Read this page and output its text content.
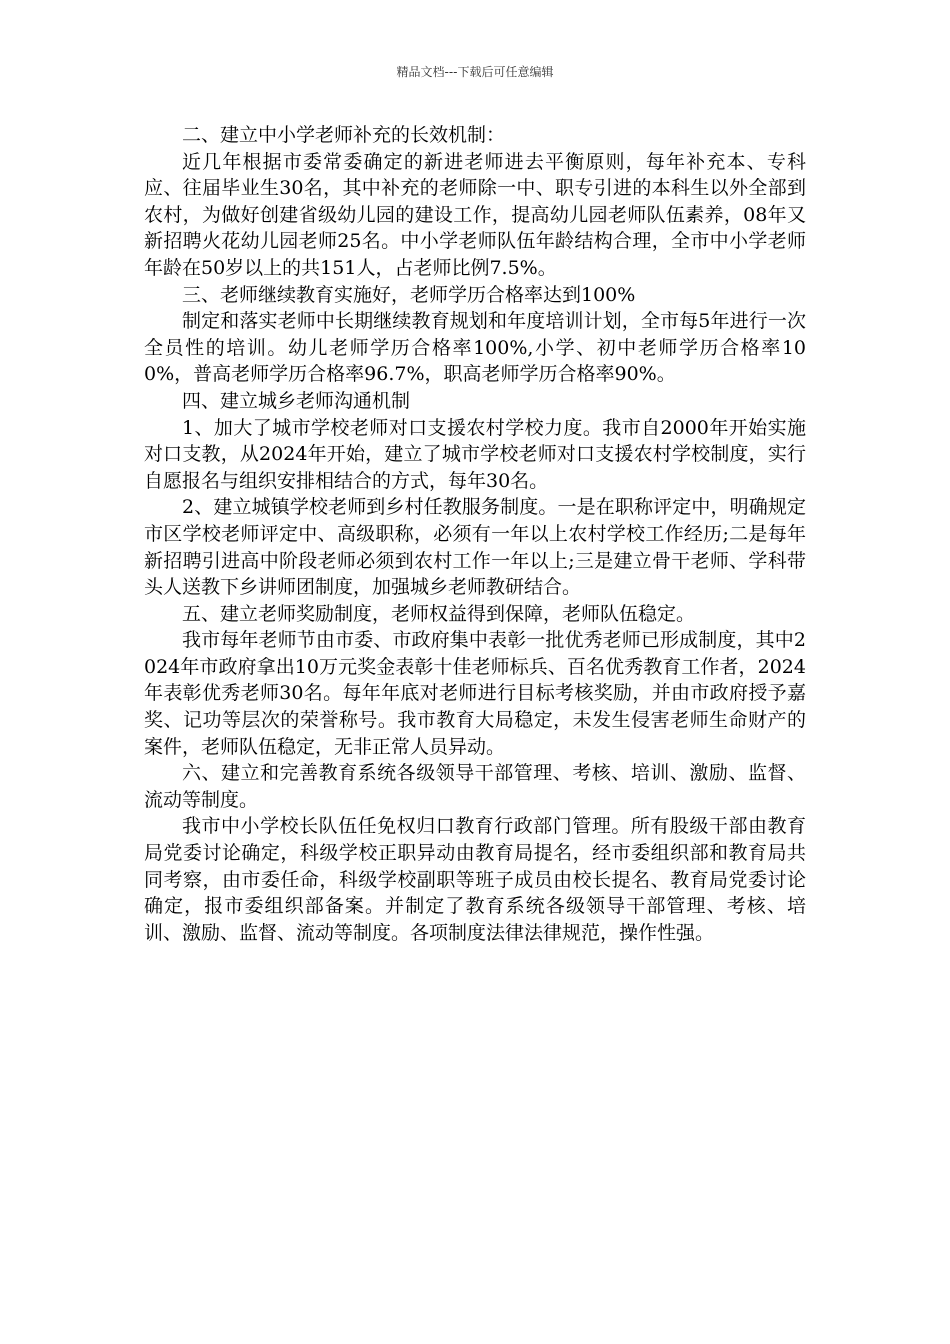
精品文档---下载后可任意编辑

二、建立中小学老师补充的长效机制：

近几年根据市委常委确定的新进老师进去平衡原则，每年补充本、专科应、往届毕业生30名，其中补充的老师除一中、职专引进的本科生以外全部到农村，为做好创建省级幼儿园的建设工作，提高幼儿园老师队伍素养，08年又新招聘火花幼儿园老师25名。中小学老师队伍年龄结构合理，全市中小学老师年龄在50岁以上的共151人，占老师比例7.5%。

三、老师继续教育实施好，老师学历合格率达到100%

制定和落实老师中长期继续教育规划和年度培训计划，全市每5年进行一次全员性的培训。幼儿老师学历合格率100%,小学、初中老师学历合格率100%，普高老师学历合格率96.7%，职高老师学历合格率90%。

四、建立城乡老师沟通机制

1、加大了城市学校老师对口支援农村学校力度。我市自2000年开始实施对口支教，从2024年开始，建立了城市学校老师对口支援农村学校制度，实行自愿报名与组织安排相结合的方式，每年30名。

2、建立城镇学校老师到乡村任教服务制度。一是在职称评定中，明确规定市区学校老师评定中、高级职称，必须有一年以上农村学校工作经历;二是每年新招聘引进高中阶段老师必须到农村工作一年以上;三是建立骨干老师、学科带头人送教下乡讲师团制度，加强城乡老师教研结合。

五、建立老师奖励制度，老师权益得到保障，老师队伍稳定。

我市每年老师节由市委、市政府集中表彰一批优秀老师已形成制度，其中2024年市政府拿出10万元奖金表彰十佳老师标兵、百名优秀教育工作者，2024年表彰优秀老师30名。每年年底对老师进行目标考核奖励，并由市政府授予嘉奖、记功等层次的荣誉称号。我市教育大局稳定，未发生侵害老师生命财产的案件，老师队伍稳定，无非正常人员异动。

六、建立和完善教育系统各级领导干部管理、考核、培训、激励、监督、流动等制度。

我市中小学校长队伍任免权归口教育行政部门管理。所有股级干部由教育局党委讨论确定，科级学校正职异动由教育局提名，经市委组织部和教育局共同考察，由市委任命，科级学校副职等班子成员由校长提名、教育局党委讨论确定，报市委组织部备案。并制定了教育系统各级领导干部管理、考核、培训、激励、监督、流动等制度。各项制度法律法律规范，操作性强。
